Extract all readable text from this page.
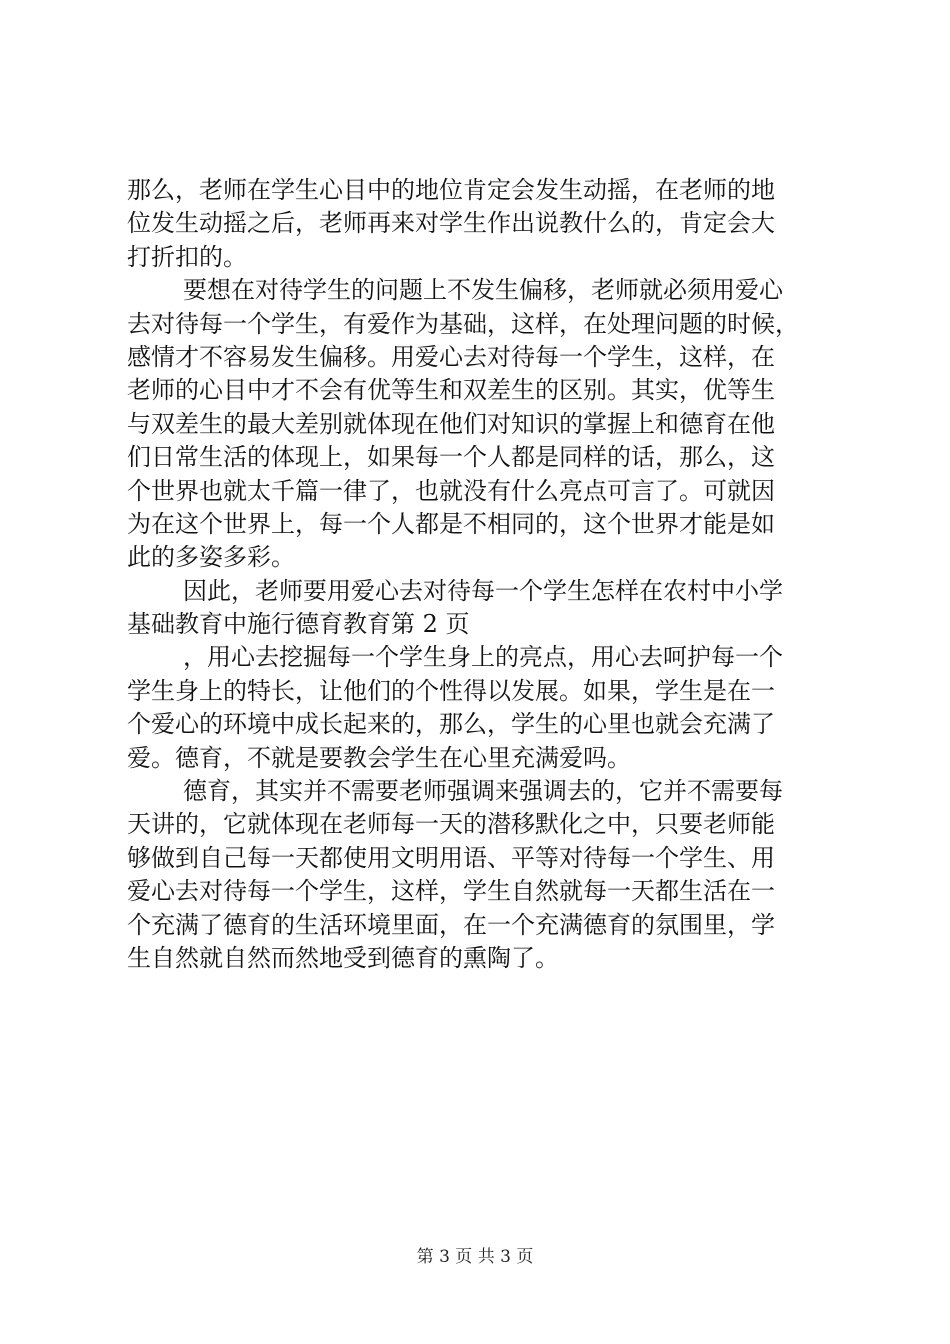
那么，老师在学生心目中的地位肯定会发生动摇，在老师的地
位发生动摇之后，老师再来对学生作出说教什么的，肯定会大
打折扣的。
要想在对待学生的问题上不发生偏移，老师就必须用爱心
去对待每一个学生，有爱作为基础，这样，在处理问题的时候，
感情才不容易发生偏移。用爱心去对待每一个学生，这样，在
老师的心目中才不会有优等生和双差生的区别。其实，优等生
与双差生的最大差别就体现在他们对知识的掌握上和德育在他
们日常生活的体现上，如果每一个人都是同样的话，那么，这
个世界也就太千篇一律了，也就没有什么亮点可言了。可就因
为在这个世界上，每一个人都是不相同的，这个世界才能是如
此的多姿多彩。
因此，老师要用爱心去对待每一个学生怎样在农村中小学
基础教育中施行德育教育第 2 页
，用心去挖掘每一个学生身上的亮点，用心去呵护每一个
学生身上的特长，让他们的个性得以发展。如果，学生是在一
个爱心的环境中成长起来的，那么，学生的心里也就会充满了
爱。德育，不就是要教会学生在心里充满爱吗。
德育，其实并不需要老师强调来强调去的，它并不需要每
天讲的，它就体现在老师每一天的潜移默化之中，只要老师能
够做到自己每一天都使用文明用语、平等对待每一个学生、用
爱心去对待每一个学生，这样，学生自然就每一天都生活在一
个充满了德育的生活环境里面，在一个充满德育的氛围里，学
生自然就自然而然地受到德育的熏陶了。
第 3 页 共 3 页
